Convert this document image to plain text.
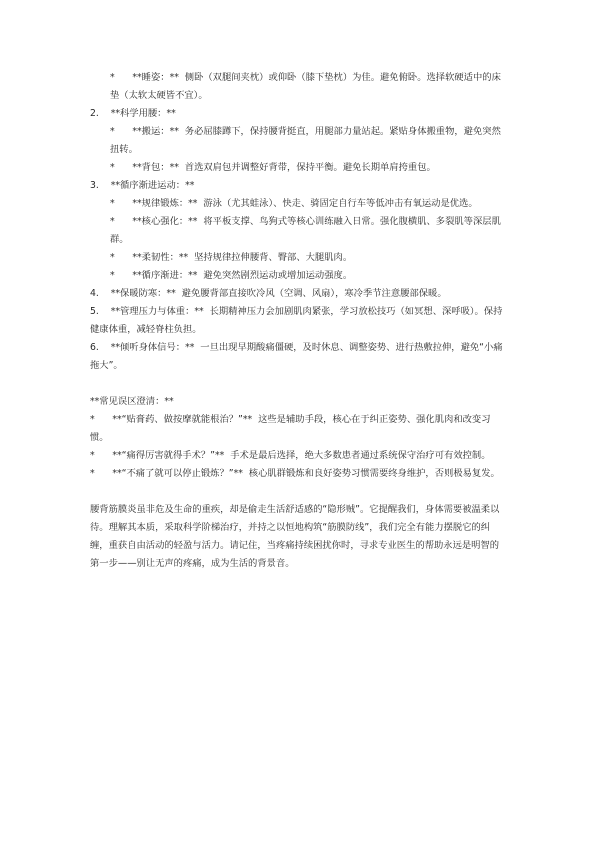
*      **睡姿：**  侧卧（双腿间夹枕）或仰卧（膝下垫枕）为佳。避免俯卧。选择软硬适中的床垫（太软太硬皆不宜）。
2.    **科学用腰：**
*      **搬运：**  务必屈膝蹲下，保持腰背挺直，用腿部力量站起。紧贴身体搬重物，避免突然扭转。
*      **背包：**  首选双肩包并调整好背带，保持平衡。避免长期单肩挎重包。
3.    **循序渐进运动：**
*      **规律锻炼：**  游泳（尤其蛙泳）、快走、骑固定自行车等低冲击有氧运动是优选。
*      **核心强化：**  将平板支撑、鸟狗式等核心训练融入日常。强化腹横肌、多裂肌等深层肌群。
*      **柔韧性：**  坚持规律拉伸腰背、臀部、大腿肌肉。
*      **循序渐进：**  避免突然剧烈运动或增加运动强度。
4.    **保暖防寒：**  避免腰背部直接吹冷风（空调、风扇），寒冷季节注意腰部保暖。
5.    **管理压力与体重：**  长期精神压力会加剧肌肉紧张，学习放松技巧（如冥想、深呼吸）。保持健康体重，减轻脊柱负担。
6.    **倾听身体信号：**  一旦出现早期酸痛僵硬，及时休息、调整姿势、进行热敷拉伸，避免“小痛拖大”。
**常见误区澄清：**
*      **“贴膏药、做按摩就能根治？”**  这些是辅助手段，核心在于纠正姿势、强化肌肉和改变习惯。
*      **“痛得厉害就得手术？”**  手术是最后选择，绝大多数患者通过系统保守治疗可有效控制。
*      **“不痛了就可以停止锻炼？”**  核心肌群锻炼和良好姿势习惯需要终身维护，否则极易复发。
腰背筋膜炎虽非危及生命的重疾，却是偷走生活舒适感的“隐形贼”。它提醒我们，身体需要被温柔以待。理解其本质，采取科学阶梯治疗，并持之以恒地构筑“筋膜防线”，我们完全有能力摆脱它的纠缠，重获自由活动的轻盈与活力。请记住，当疼痛持续困扰你时，寻求专业医生的帮助永远是明智的第一步——别让无声的疼痛，成为生活的背景音。
